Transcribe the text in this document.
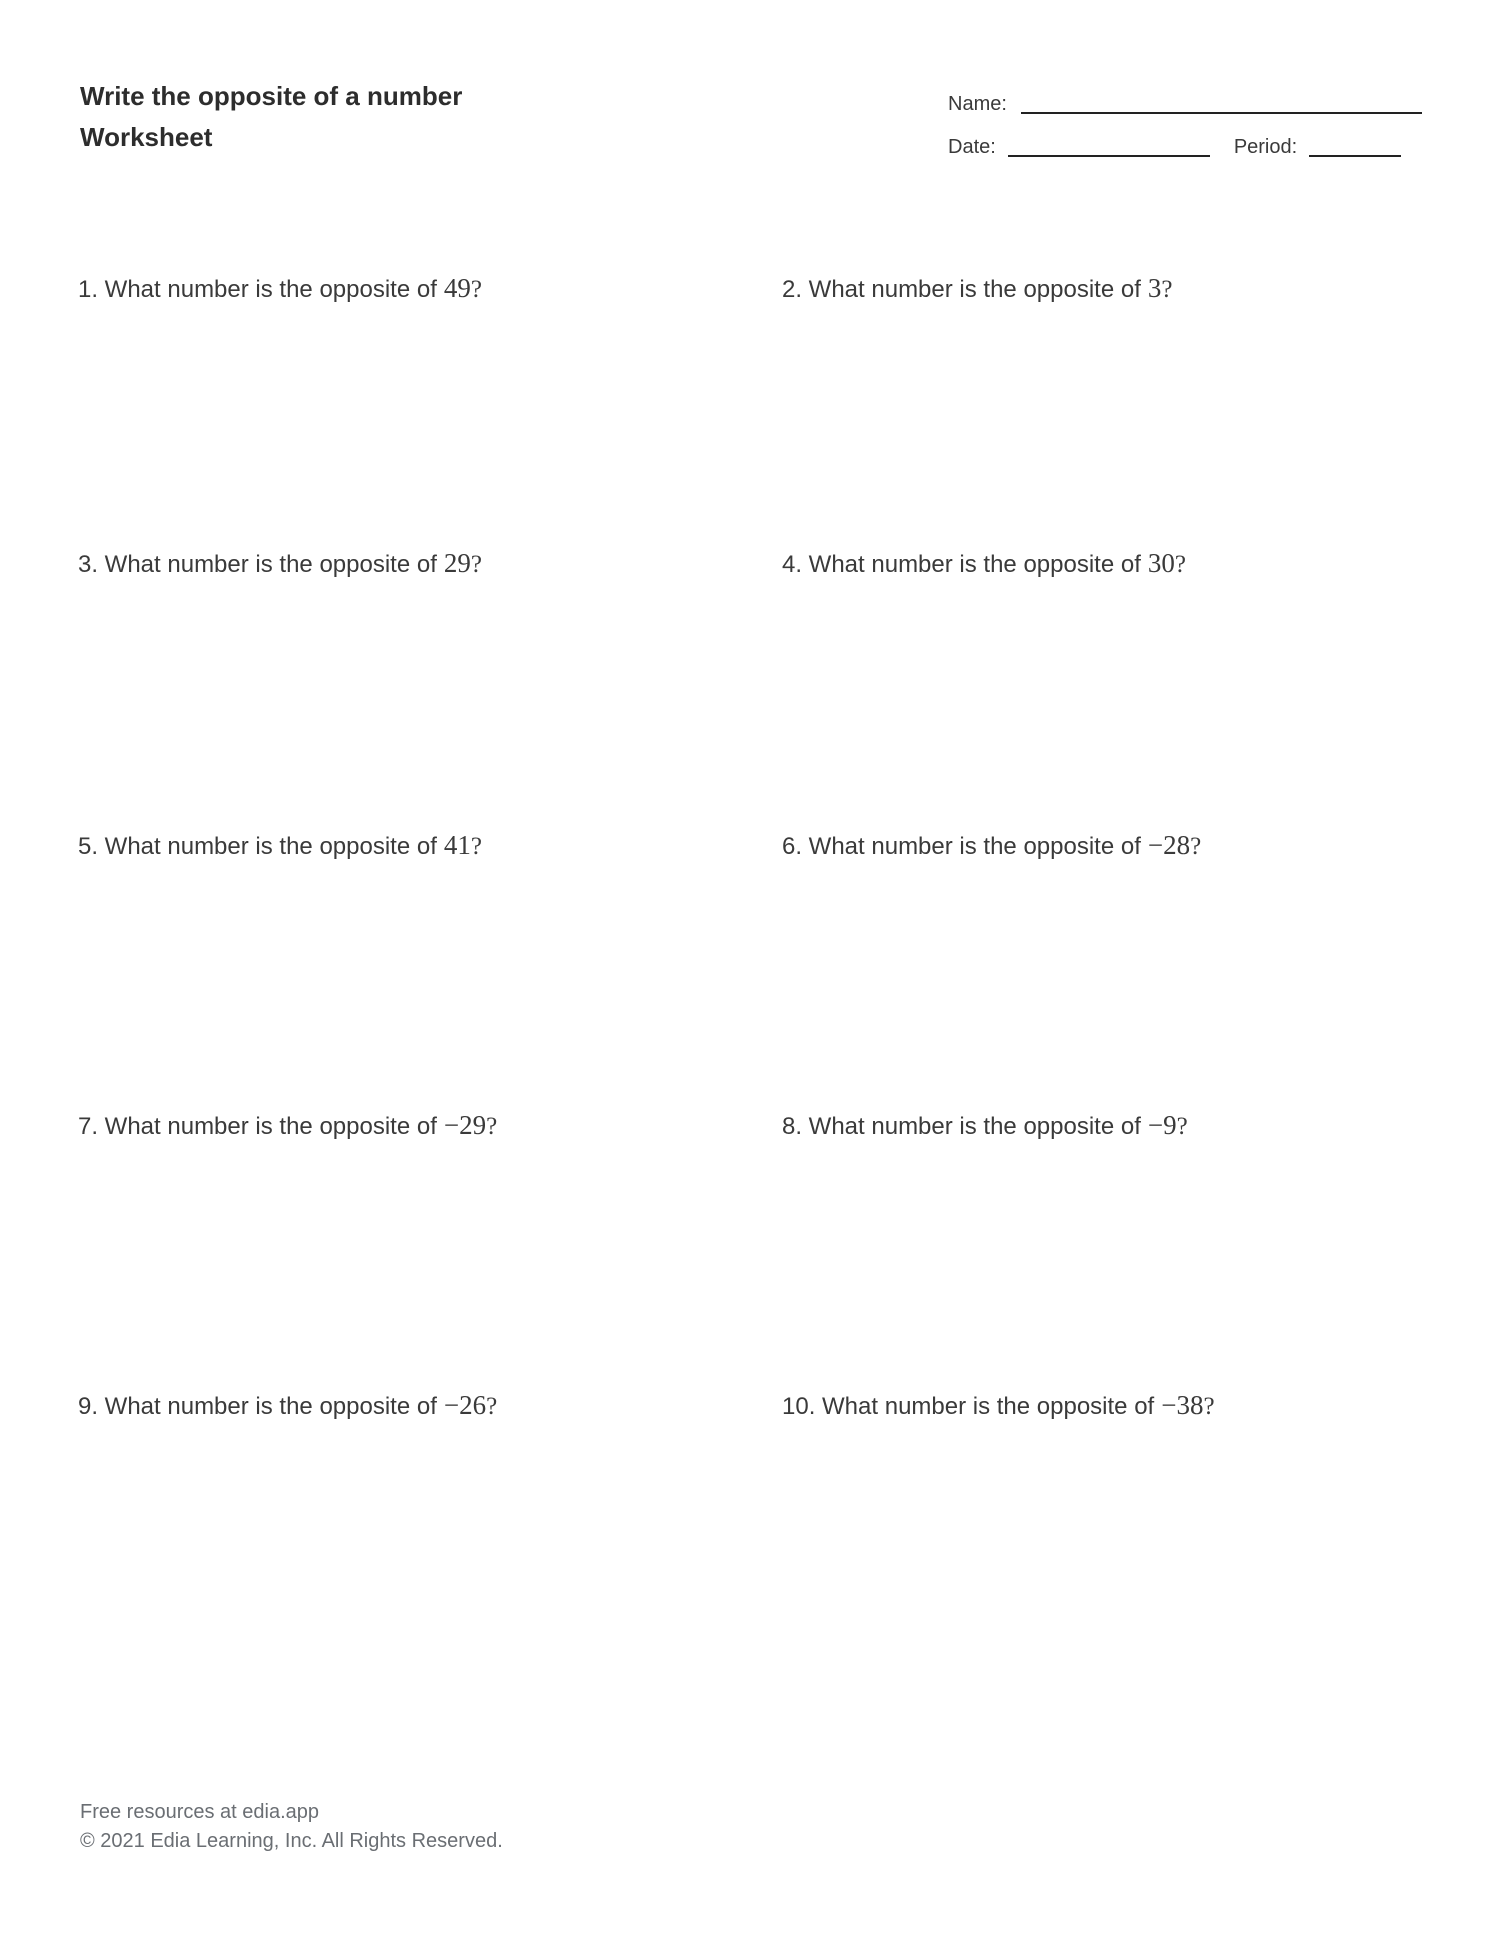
Write the opposite of a number
Worksheet
Name:
Date:	Period:
1. What number is the opposite of 49?	2. What number is the opposite of 3?
3. What number is the opposite of 29?	4. What number is the opposite of 30?
5. What number is the opposite of 41?	6. What number is the opposite of −28?
7. What number is the opposite of −29?	8. What number is the opposite of −9?
9. What number is the opposite of −26?	10. What number is the opposite of −38?
Free resources at edia.app
© 2021 Edia Learning, Inc. All Rights Reserved.
